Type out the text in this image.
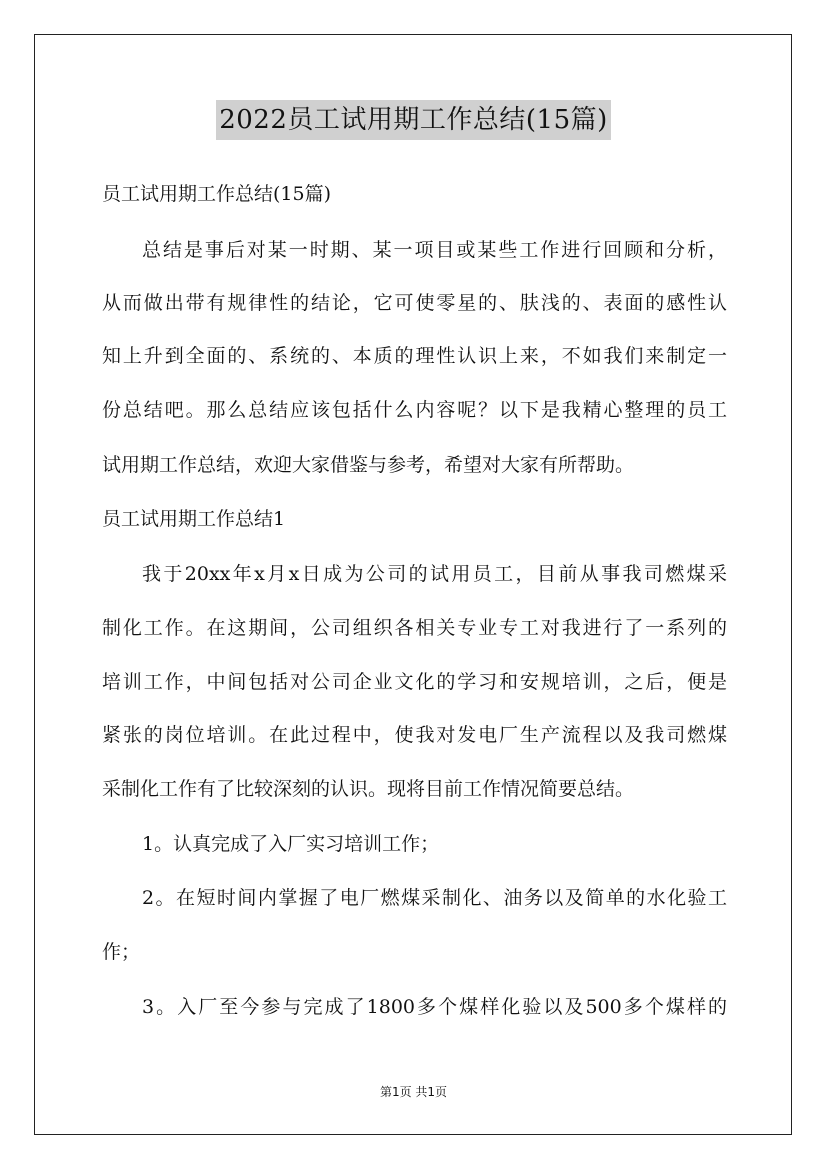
2022员工试用期工作总结(15篇)
员工试用期工作总结(15篇)
总结是事后对某一时期、某一项目或某些工作进行回顾和分析，
从而做出带有规律性的结论，它可使零星的、肤浅的、表面的感性认
知上升到全面的、系统的、本质的理性认识上来，不如我们来制定一
份总结吧。那么总结应该包括什么内容呢？以下是我精心整理的员工
试用期工作总结，欢迎大家借鉴与参考，希望对大家有所帮助。
员工试用期工作总结1
我于20xx年x月x日成为公司的试用员工，目前从事我司燃煤采
制化工作。在这期间，公司组织各相关专业专工对我进行了一系列的
培训工作，中间包括对公司企业文化的学习和安规培训，之后，便是
紧张的岗位培训。在此过程中，使我对发电厂生产流程以及我司燃煤
采制化工作有了比较深刻的认识。现将目前工作情况简要总结。
1。认真完成了入厂实习培训工作；
2。在短时间内掌握了电厂燃煤采制化、油务以及简单的水化验工
作；
3。入厂至今参与完成了1800多个煤样化验以及500多个煤样的
第1页 共1页
